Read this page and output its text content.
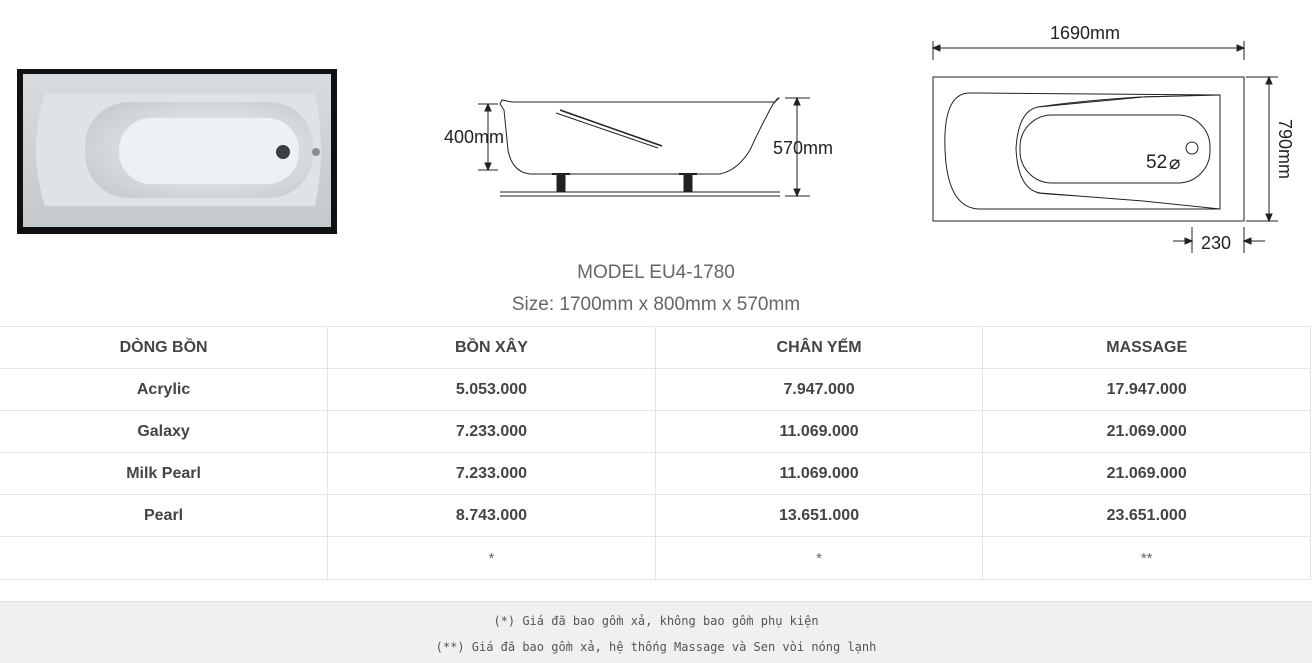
400mm
570mm
1690mm
790mm
52 ⌀
230
MODEL EU4-1780
Size: 1700mm x 800mm x 570mm
DÒNG BỒN	BỒN XÂY	CHÂN YẾM	MASSAGE
Acrylic	5.053.000	7.947.000	17.947.000
Galaxy	7.233.000	11.069.000	21.069.000
Milk Pearl	7.233.000	11.069.000	21.069.000
Pearl	8.743.000	13.651.000	23.651.000
	*	*	**
(*) Giá đã bao gồm xả, không bao gồm phụ kiện
(**) Giá đã bao gồm xả, hệ thống Massage và Sen vòi nóng lạnh
